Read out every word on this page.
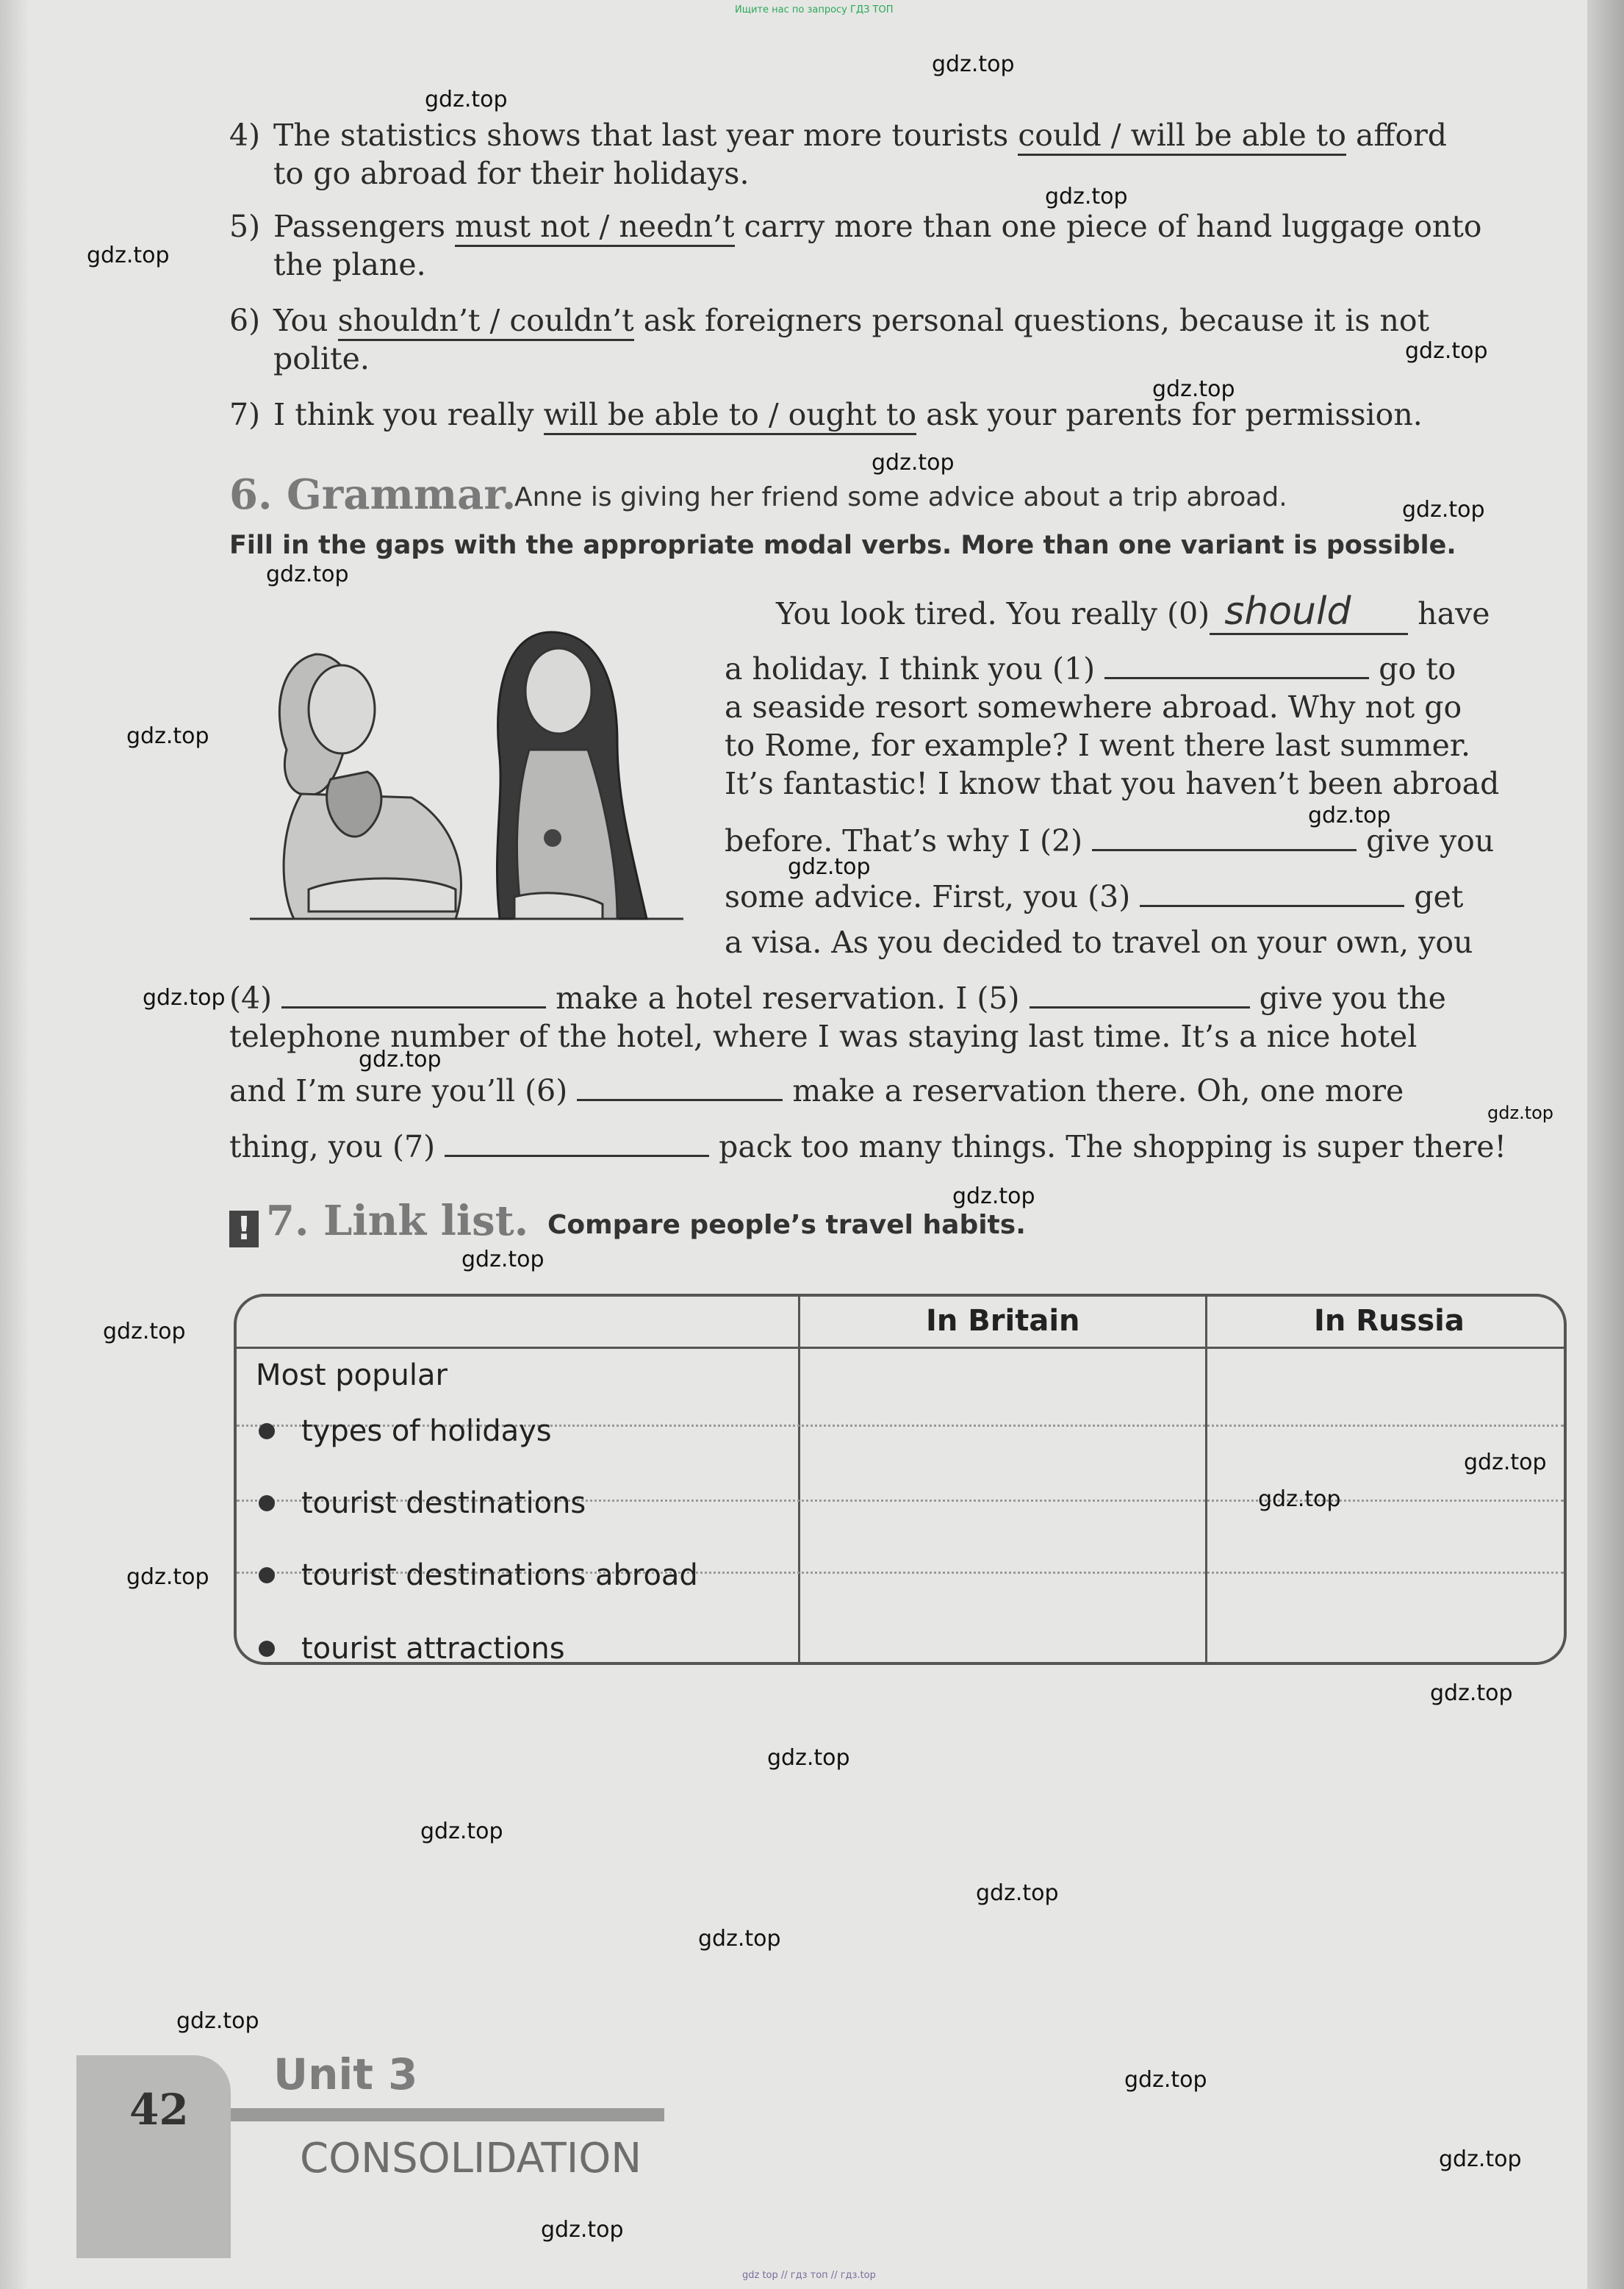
Ищите нас по запросу ГДЗ ТОП
4) The statistics shows that last year more tourists could / will be able to afford
to go abroad for their holidays.
5) Passengers must not / needn’t carry more than one piece of hand luggage onto
the plane.
6) You shouldn’t / couldn’t ask foreigners personal questions, because it is not
polite.
7) I think you really will be able to / ought to ask your parents for permission.
6. Grammar.
Anne is giving her friend some advice about a trip abroad.
Fill in the gaps with the appropriate modal verbs. More than one variant is possible.
You look tired. You really (0) should have
a holiday. I think you (1)	go to
a seaside resort somewhere abroad. Why not go
to Rome, for example? I went there last summer.
It’s fantastic! I know that you haven’t been abroad
before. That’s why I (2)	give you
some advice. First, you (3)	get
a visa. As you decided to travel on your own, you
(4)	make a hotel reservation. I (5)	give you the
telephone number of the hotel, where I was staying last time. It’s a nice hotel
and I’m sure you’ll (6)	make a reservation there. Oh, one more
thing, you (7)	pack too many things. The shopping is super there!
! 7. Link list. Compare people’s travel habits.
In Britain	In Russia
Most popular
types of holidays
tourist destinations
tourist destinations abroad
tourist attractions
42
Unit 3
CONSOLIDATION
gdz.top
gdz.top
gdz.top
gdz.top
gdz.top
gdz.top
gdz.top
gdz.top
gdz.top
gdz.top
gdz.top
gdz.top
gdz.top
gdz.top
gdz.top
gdz.top
gdz.top
gdz.top
gdz.top
gdz.top
gdz.top
gdz.top
gdz.top
gdz.top
gdz.top
gdz.top
gdz.top
gdz.top
gdz.top
gdz.top
gdz top // гдз топ // гдз.top
